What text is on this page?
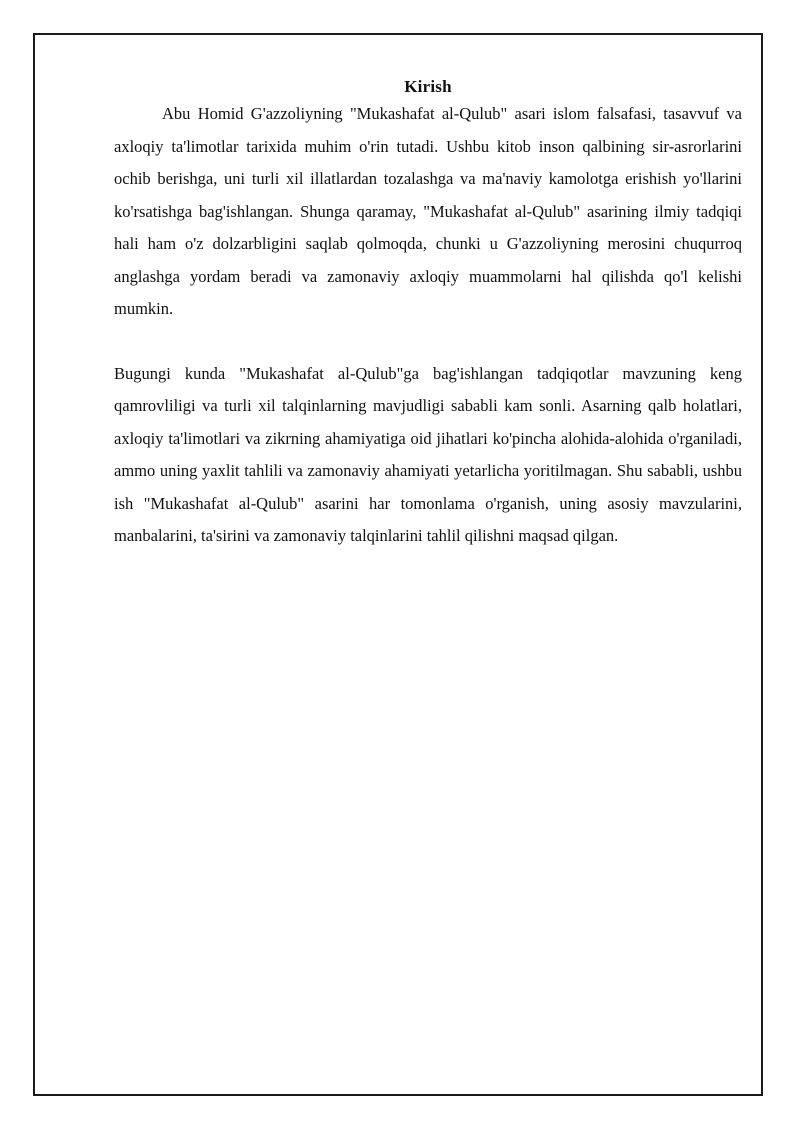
Kirish

Abu Homid G'azzoliyning "Mukashafat al-Qulub" asari islom falsafasi, tasavvuf va axloqiy ta'limotlar tarixida muhim o'rin tutadi. Ushbu kitob inson qalbining sir-asrorlarini ochib berishga, uni turli xil illatlardan tozalashga va ma'naviy kamolotga erishish yo'llarini ko'rsatishga bag'ishlangan. Shunga qaramay, "Mukashafat al-Qulub" asarining ilmiy tadqiqi hali ham o'z dolzarbligini saqlab qolmoqda, chunki u G'azzoliyning merosini chuqurroq anglashga yordam beradi va zamonaviy axloqiy muammolarni hal qilishda qo'l kelishi mumkin.

Bugungi kunda "Mukashafat al-Qulub"ga bag'ishlangan tadqiqotlar mavzuning keng qamrovliligi va turli xil talqinlarning mavjudligi sababli kam sonli. Asarning qalb holatlari, axloqiy ta'limotlari va zikrning ahamiyatiga oid jihatlari ko'pincha alohida-alohida o'rganiladi, ammo uning yaxlit tahlili va zamonaviy ahamiyati yetarlicha yoritilmagan. Shu sababli, ushbu ish "Mukashafat al-Qulub" asarini har tomonlama o'rganish, uning asosiy mavzularini, manbalarini, ta'sirini va zamonaviy talqinlarini tahlil qilishni maqsad qilgan.
